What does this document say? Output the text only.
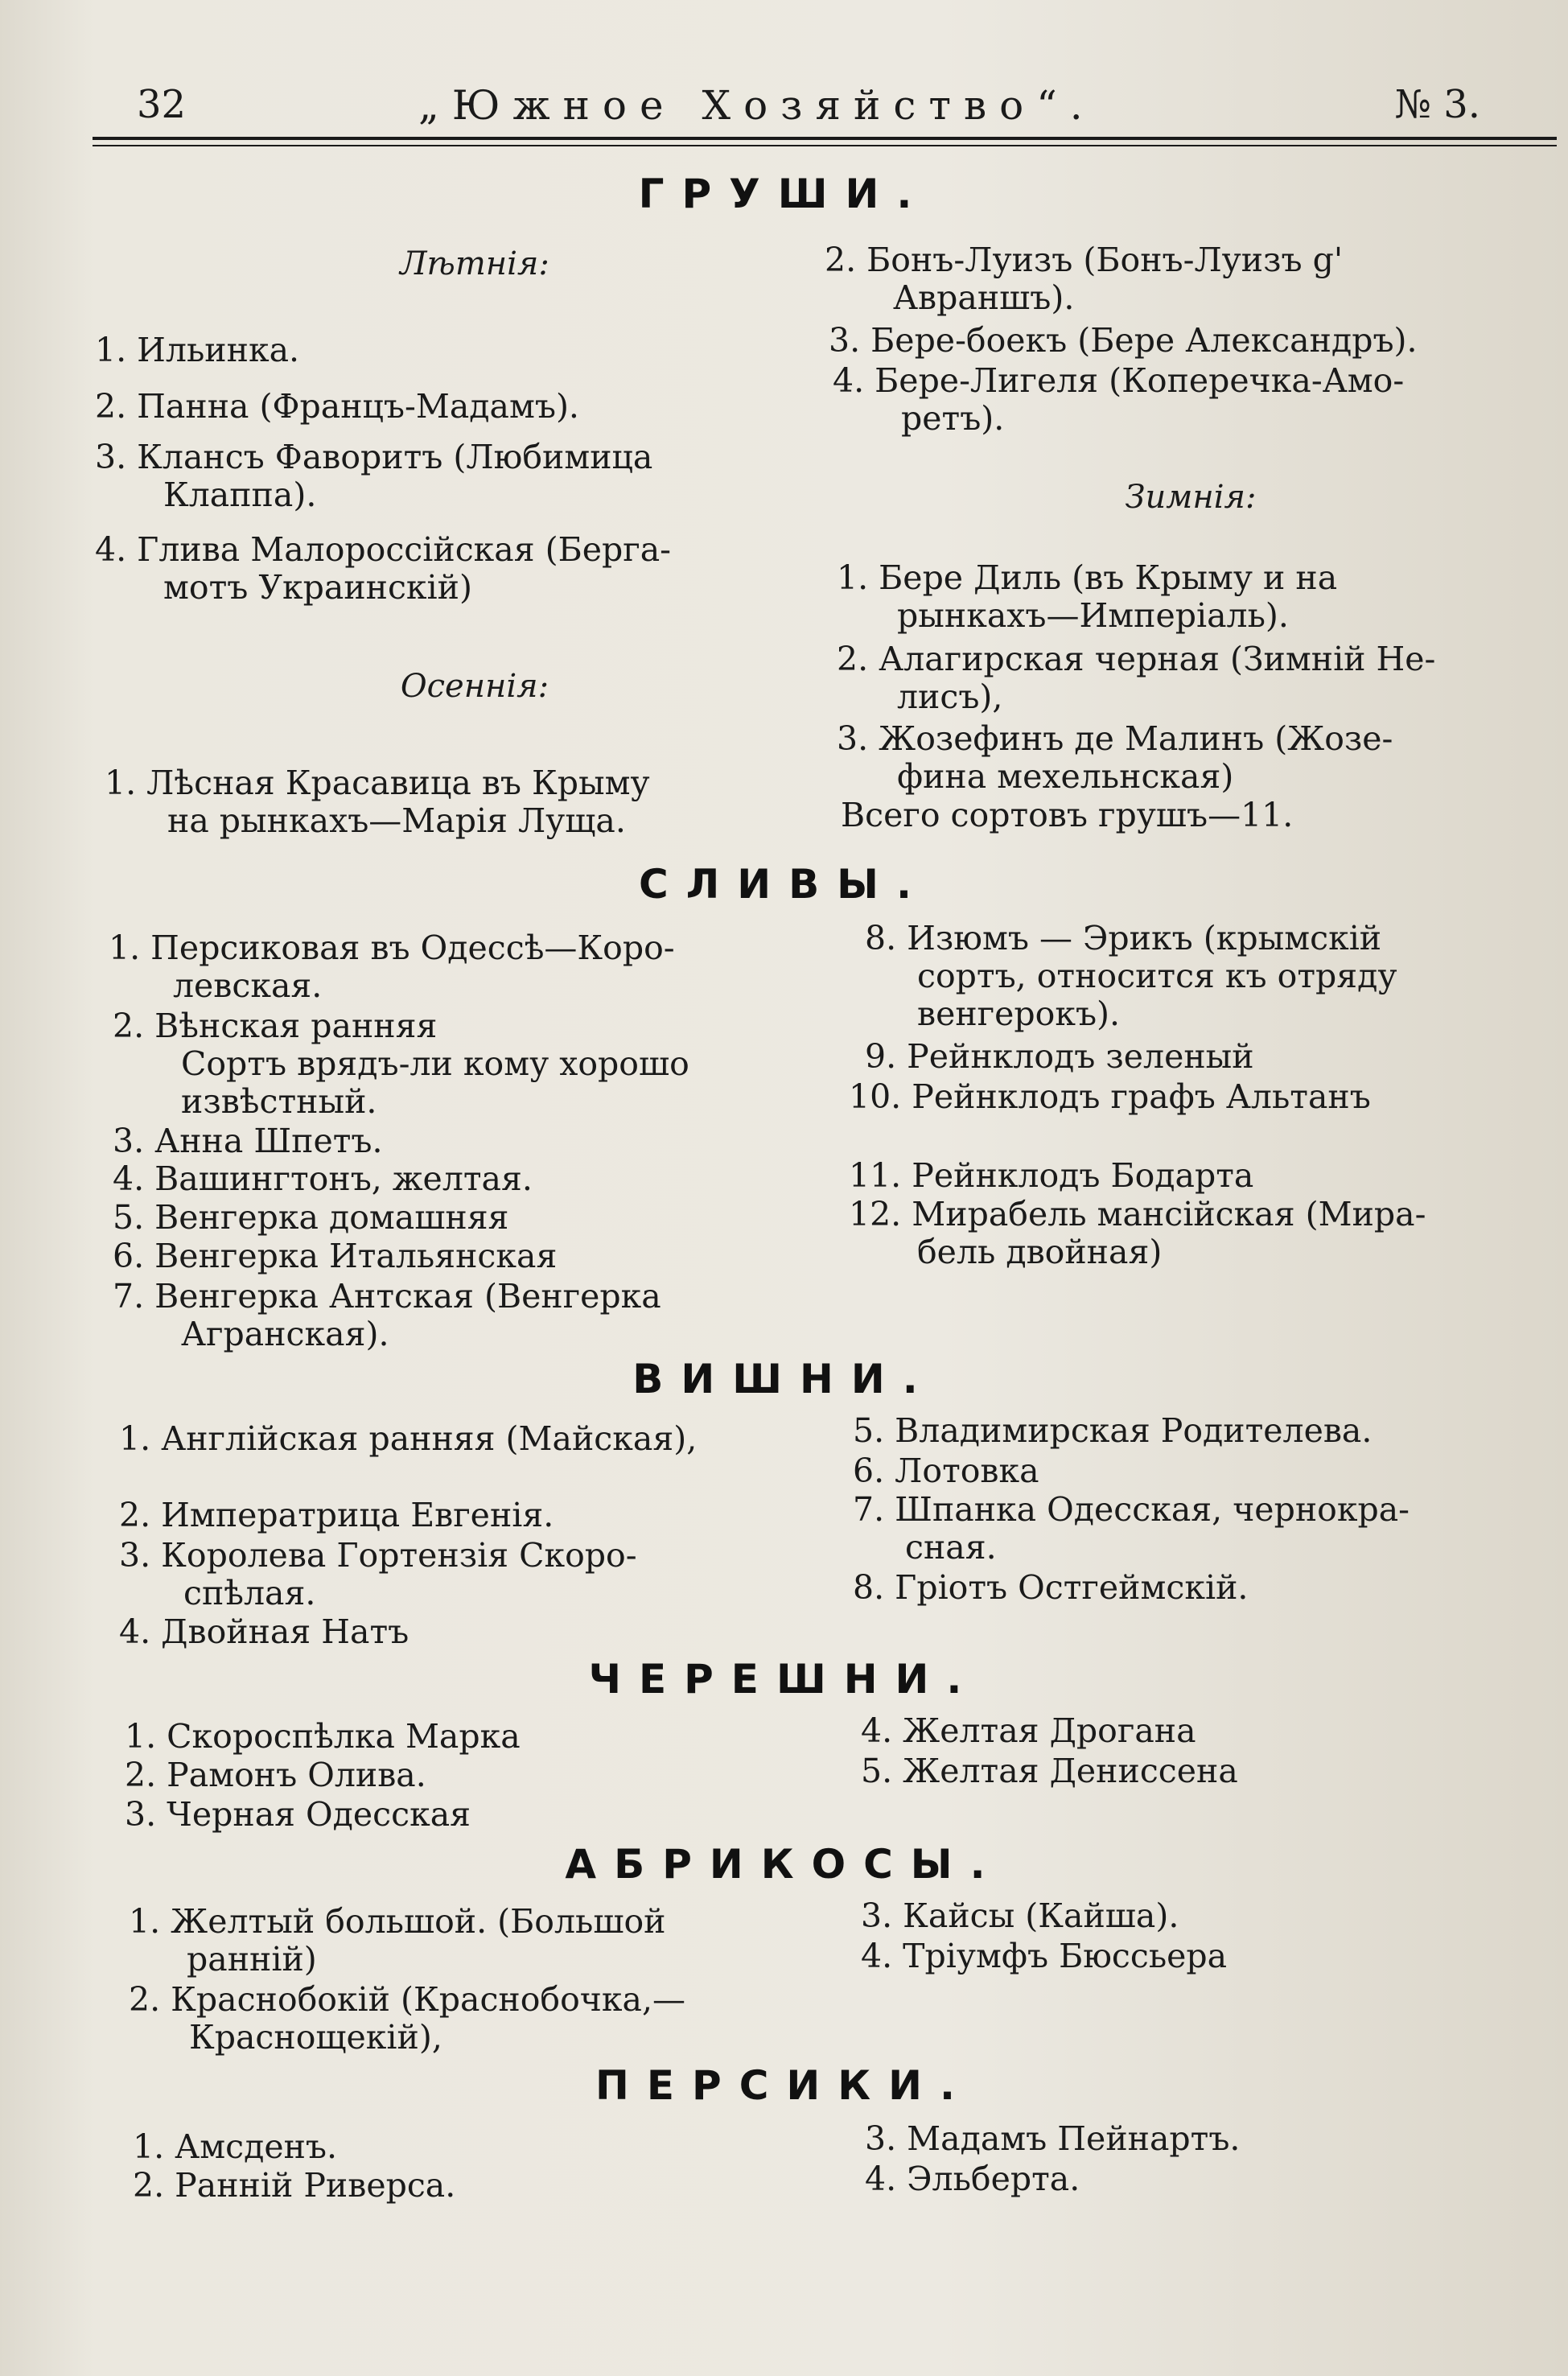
32	„Южное Хозяйство“.	№ 3.
ГРУШИ.
Лѣтнія:
1. Ильинка.
2. Панна (Францъ-Мадамъ).
3. Клансъ Фаворитъ (Любимица
Клаппа).
4. Глива Малороссійская (Берга-
мотъ Украинскій)
Осеннія:
1. Лѣсная Красавица въ Крыму
на рынкахъ—Марія Луща.
2. Бонъ-Луизъ (Бонъ-Луизъ g'
Авраншъ).
3. Бере-боекъ (Бере Александръ).
4. Бере-Лигеля (Коперечка-Амо-
ретъ).
Зимнія:
1. Бере Диль (въ Крыму и на
рынкахъ—Имперіаль).
2. Алагирская черная (Зимній Не-
лисъ),
3. Жозефинъ де Малинъ (Жозе-
фина мехельнская)
Всего сортовъ грушъ—11.
СЛИВЫ.
1. Персиковая въ Одессѣ—Коро-
левская.
2. Вѣнская ранняя
Сортъ врядъ-ли кому хорошо
извѣстный.
3. Анна Шпетъ.
4. Вашингтонъ, желтая.
5. Венгерка домашняя
6. Венгерка Итальянская
7. Венгерка Антская (Венгерка
Агранская).
8. Изюмъ — Эрикъ (крымскій
сортъ, относится къ отряду
венгерокъ).
9. Рейнклодъ зеленый
10. Рейнклодъ графъ Альтанъ
11. Рейнклодъ Бодарта
12. Мирабель мансійская (Мира-
бель двойная)
ВИШНИ.
1. Англійская ранняя (Майская),
2. Императрица Евгенія.
3. Королева Гортензія Скоро-
спѣлая.
4. Двойная Натъ
5. Владимирская Родителева.
6. Лотовка
7. Шпанка Одесская, чернокра-
сная.
8. Гріотъ Остгеймскій.
ЧЕРЕШНИ.
1. Скороспѣлка Марка
2. Рамонъ Олива.
3. Черная Одесская
4. Желтая Дрогана
5. Желтая Дениссена
АБРИКОСЫ.
1. Желтый большой. (Большой
ранній)
2. Краснобокій (Краснобочка,—
Краснощекій),
3. Кайсы (Кайша).
4. Тріумфъ Бюссьера
ПЕРСИКИ.
1. Амсденъ.
2. Ранній Риверса.
3. Мадамъ Пейнартъ.
4. Эльберта.
